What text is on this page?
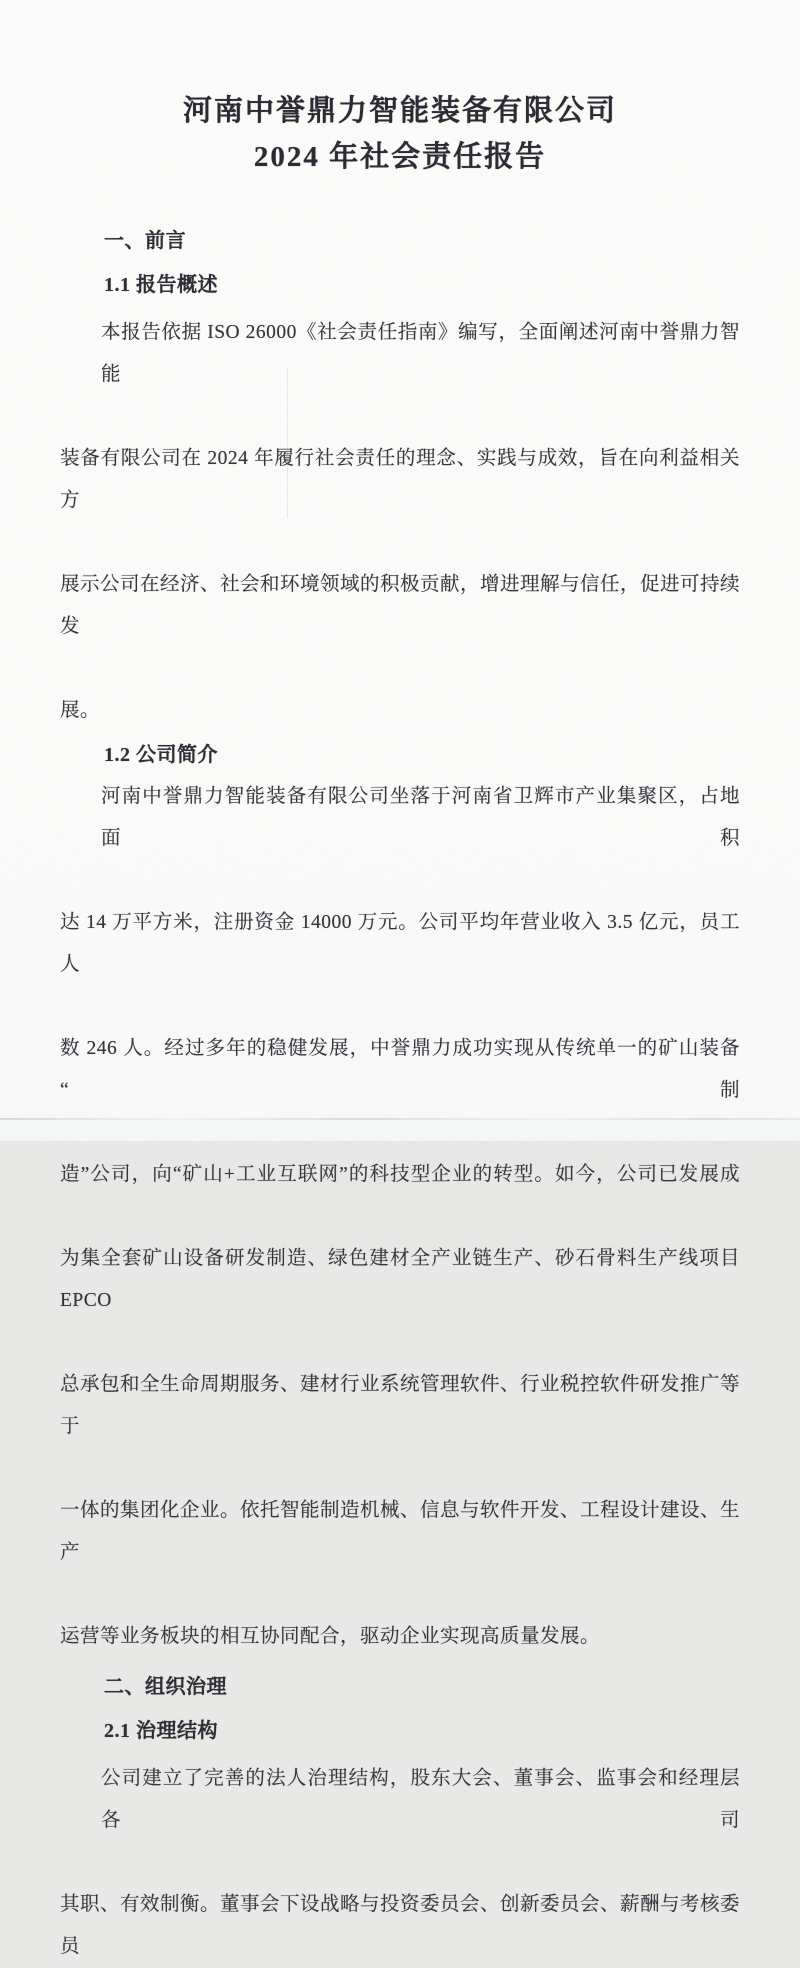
河南中誉鼎力智能装备有限公司
2024 年社会责任报告
一、前言
1.1 报告概述
本报告依据 ISO 26000《社会责任指南》编写，全面阐述河南中誉鼎力智能
装备有限公司在 2024 年履行社会责任的理念、实践与成效，旨在向利益相关方
展示公司在经济、社会和环境领域的积极贡献，增进理解与信任，促进可持续发
展。
1.2 公司简介
河南中誉鼎力智能装备有限公司坐落于河南省卫辉市产业集聚区，占地面积
达 14 万平方米，注册资金 14000 万元。公司平均年营业收入 3.5 亿元，员工人
数 246 人。经过多年的稳健发展，中誉鼎力成功实现从传统单一的矿山装备“制
造”公司，向“矿山+工业互联网”的科技型企业的转型。如今，公司已发展成
为集全套矿山设备研发制造、绿色建材全产业链生产、砂石骨料生产线项目 EPCO
总承包和全生命周期服务、建材行业系统管理软件、行业税控软件研发推广等于
一体的集团化企业。依托智能制造机械、信息与软件开发、工程设计建设、生产
运营等业务板块的相互协同配合，驱动企业实现高质量发展。
二、组织治理
2.1 治理结构
公司建立了完善的法人治理结构，股东大会、董事会、监事会和经理层各司
其职、有效制衡。董事会下设战略与投资委员会、创新委员会、薪酬与考核委员
